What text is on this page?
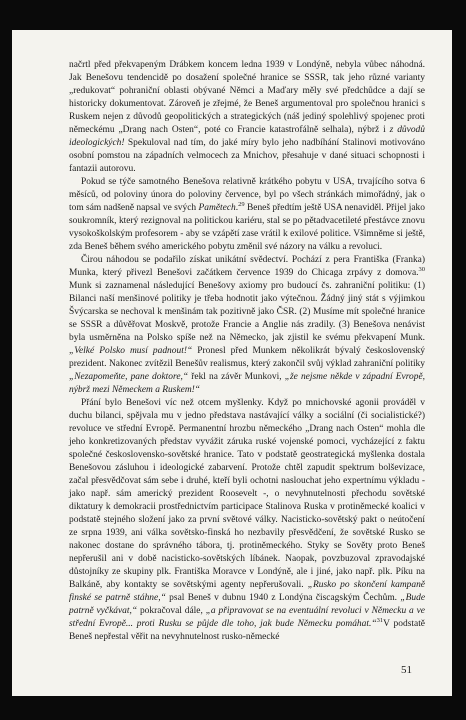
načrtl před překvapeným Drábkem koncem ledna 1939 v Londýně, nebyla vůbec náhodná. Jak Benešovu tendencidě po dosažení společné hranice se SSSR, tak jeho různé varianty „redukovat“ pohraniční oblasti obývané Němci a Maďary měly své předchůdce a dají se historicky dokumentovat. Zároveň je zřejmé, že Beneš argumentoval pro společnou hranici s Ruskem nejen z důvodů geopolitických a strategických (náš jediný spolehlivý spojenec proti německému „Drang nach Osten“, poté co Francie katastrofálně selhala), nýbrž i z důvodů ideologických! Spekuloval nad tím, do jaké míry bylo jeho nadbíhání Stalinovi motivováno osobní pomstou na západních velmocech za Mnichov, přesahuje v dané situaci schopnosti i fantazii autorovu.

Pokud se týče samotného Benešova relativně krátkého pobytu v USA, trvajícího sotva 6 měsíců, od poloviny února do poloviny července, byl po všech stránkách mimořádný, jak o tom sám nadšeně napsal ve svých Pamětech.$^{29}$ Beneš předtím ještě USA nenaviděl. Přijel jako soukromník, který rezignoval na politickou kariéru, stal se po pětadvacetileté přestávce znovu vysokoškolským profesorem - aby se vzápětí zase vrátil k exilové politice. Všimněme si ještě, zda Beneš během svého amerického pobytu změnil své názory na válku a revoluci.

Čirou náhodou se podařilo získat unikátní svědectví. Pochází z pera Františka (Franka) Munka, který přivezl Benešovi začátkem července 1939 do Chicaga zrpávy z domova.$^{30}$ Munk si zaznamenal následující Benešovy axiomy pro budoucí čs. zahraniční politiku: (1) Bilanci naší menšinové politiky je třeba hodnotit jako výtečnou. Žádný jiný stát s výjimkou Švýcarska se nechoval k menšinám tak pozitivně jako ČSR. (2) Musíme mít společné hranice se SSSR a důvěřovat Moskvě, protože Francie a Anglie nás zradily. (3) Benešova nenávist byla usměrněna na Polsko spíše než na Německo, jak zjistil ke svému překvapení Munk. „Velké Polsko musí padnout!“ Pronesl před Munkem několikrát bývalý československý prezident. Nakonec zvítězil Benešův realismus, který zakončil svůj výklad zahraniční politiky „Nezapomeňte, pane doktore,“ řekl na závěr Munkovi, „že nejsme někde v západní Evropě, nýbrž mezi Německem a Ruskem!“

Přání bylo Benešovi víc než otcem myšlenky. Když po mnichovské agonii prováděl v duchu bilanci, spějvala mu v jedno představa nastávající války a sociální (či socialistické?) revoluce ve střední Evropě. Permanentní hrozbu německého „Drang nach Osten“ mohla dle jeho konkretizovaných představ vyvážit záruka ruské vojenské pomoci, vycházející z faktu společné československo-sovětské hranice. Tato v podstatě geostrategická myšlenka dostala Benešovou zásluhou i ideologické zabarvení. Protože chtěl zapudit spektrum bolševizace, začal přesvědčovat sám sebe i druhé, kteří byli ochotni naslouchat jeho expertnímu výkladu - jako např. sám americký prezident Roosevelt -, o nevyhnutelnosti přechodu sovětské diktatury k demokracii prostřednictvím participace Stalinova Ruska v protiněmecké koalici v podstatě stejného složení jako za první světové války. Nacisticko-sovětský pakt o neútočení ze srpna 1939, ani válka sovětsko-finská ho nezbavily přesvědčení, že sovětské Rusko se nakonec dostane do správného tábora, tj. protiněmeckého. Styky se Sověty proto Beneš nepřerušil ani v době nacisticko-sovětských líbánek. Naopak, povzbuzoval zpravodajské důstojníky ze skupiny plk. Františka Moravce v Londýně, ale i jiné, jako např. plk. Píku na Balkáně, aby kontakty se sovětskými agenty nepřerušovali. „Rusko po skončení kampaně finské se patrně stáhne,“ psal Beneš v dubnu 1940 z Londýna čiscagským Čechům. „Bude patrně vyčkávat,“ pokračoval dále, „a připravovat se na eventuální revoluci v Německu a ve střední Evropě... proti Rusku se půjde dle toho, jak bude Německu pomáhat.“$^{31}$V podstatě Beneš nepřestal věřit na nevyhnutelnost rusko-německé

51
